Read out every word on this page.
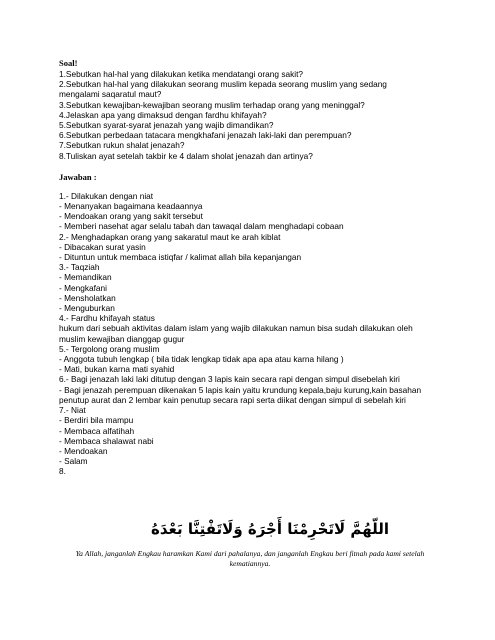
Soal!
1.Sebutkan hal-hal yang dilakukan ketika mendatangi orang sakit?
2.Sebutkan hal-hal yang dilakukan seorang muslim kepada seorang muslim yang sedang
mengalami saqaratul maut?
3.Sebutkan kewajiban-kewajiban seorang muslim terhadap orang yang meninggal?
4.Jelaskan apa yang dimaksud dengan fardhu khifayah?
5.Sebutkan syarat-syarat jenazah yang wajib dimandikan?
6.Sebutkan perbedaan tatacara mengkhafani jenazah laki-laki dan perempuan?
7.Sebutkan rukun shalat jenazah?
8.Tuliskan ayat setelah takbir ke 4 dalam sholat jenazah dan artinya?
Jawaban :
1.- Dilakukan dengan niat
- Menanyakan bagaimana keadaannya
- Mendoakan orang yang sakit tersebut
- Memberi nasehat agar selalu tabah dan tawaqal dalam menghadapi cobaan
2.- Menghadapkan orang yang sakaratul maut ke arah kiblat
- Dibacakan surat yasin
- Dituntun untuk membaca istiqfar / kalimat allah bila kepanjangan
3.- Taqziah
- Memandikan
- Mengkafani
- Mensholatkan
- Menguburkan
4.- Fardhu khifayah status
hukum dari sebuah aktivitas dalam islam yang wajib dilakukan namun bisa sudah dilakukan oleh
muslim kewajiban dianggap gugur
5.- Tergolong orang muslim
- Anggota tubuh lengkap ( bila tidak lengkap tidak apa apa atau karna hilang )
- Mati, bukan karna mati syahid
6.- Bagi jenazah laki laki ditutup dengan 3 lapis kain secara rapi dengan simpul disebelah kiri
- Bagi jenazah perempuan dikenakan 5 lapis kain yaitu krundung kepala,baju kurung,kain basahan
penutup aurat dan 2 lembar kain penutup secara rapi serta diikat dengan simpul di sebelah kiri
7.- Niat
- Berdiri bila mampu
- Membaca alfatihah
- Membaca shalawat nabi
- Mendoakan
- Salam
8.
اللّهُمَّ لَاتَحْرِمْنَا أَجْرَهُ وَلَاتَفْتِنَّا بَعْدَهُ
Ya Allah, janganlah Engkau haramkan Kami dari pahalanya, dan janganlah Engkau beri fitnah pada kami setelah kematiannya.
